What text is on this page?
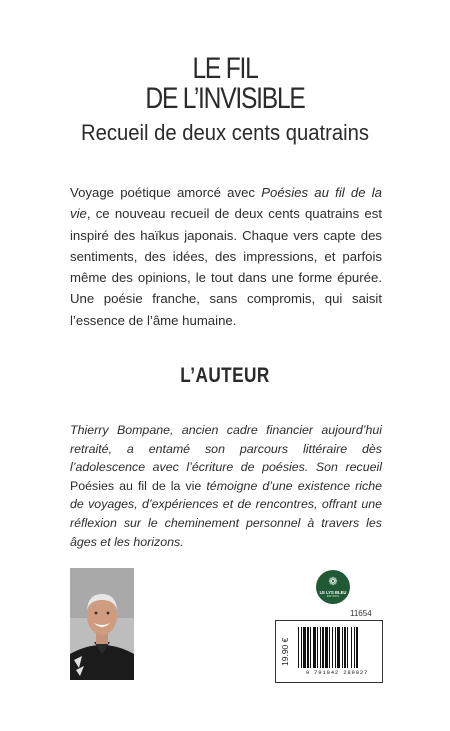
LE FIL
DE L’INVISIBLE
Recueil de deux cents quatrains
Voyage poétique amorcé avec Poésies au fil de la vie, ce nouveau recueil de deux cents quatrains est inspiré des haïkus japonais. Chaque vers capte des sentiments, des idées, des impressions, et parfois même des opinions, le tout dans une forme épurée. Une poésie franche, sans compromis, qui saisit l’essence de l’âme humaine.
L’AUTEUR
Thierry Bompane, ancien cadre financier aujourd’hui retraité, a entamé son parcours littéraire dès l’adolescence avec l’écriture de poésies. Son recueil Poésies au fil de la vie témoigne d’une existence riche de voyages, d’expériences et de rencontres, offrant une réflexion sur le cheminement personnel à travers les âges et les horizons.
❁
LE LYS BLEU
ÉDITIONS
11654
19.90 €
9 791042 289027
